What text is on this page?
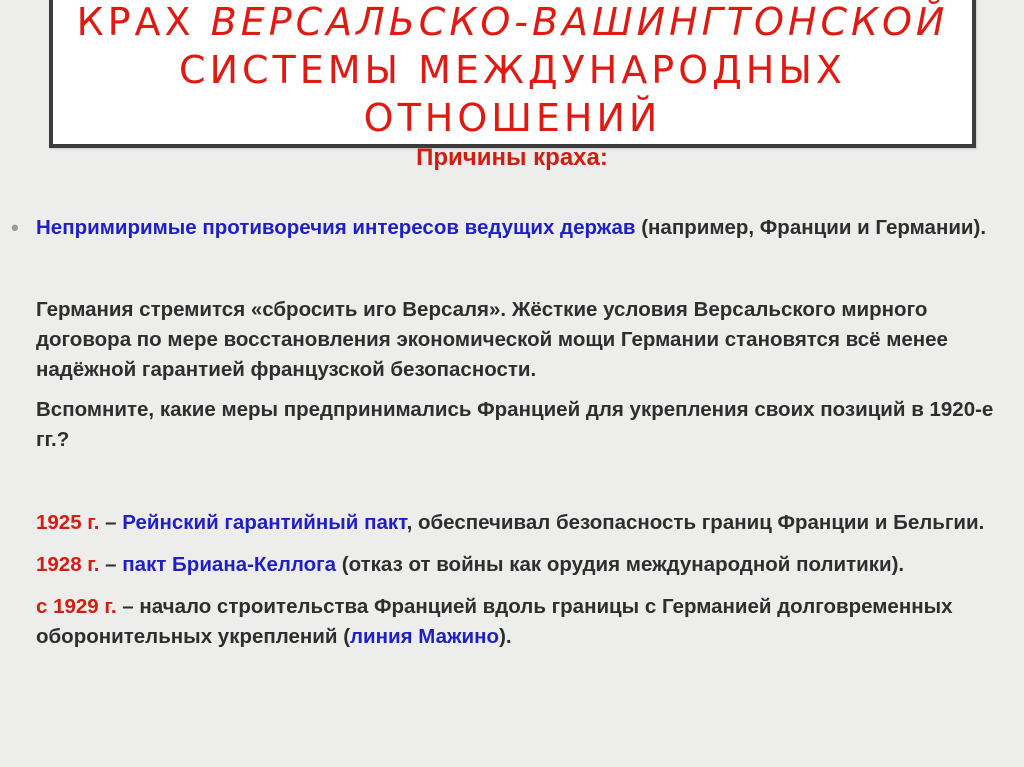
КРАХ ВЕРСАЛЬСКО-ВАШИНГТОНСКОЙ
СИСТЕМЫ МЕЖДУНАРОДНЫХ
ОТНОШЕНИЙ
Причины краха:

• Непримиримые противоречия интересов ведущих держав (например, Франции и Германии).

Германия стремится «сбросить иго Версаля». Жёсткие условия Версальского мирного договора по мере восстановления экономической мощи Германии становятся всё менее надёжной гарантией французской безопасности.

Вспомните, какие меры предпринимались Францией для укрепления своих позиций в 1920-е гг.?

1925 г. – Рейнский гарантийный пакт, обеспечивал безопасность границ Франции и Бельгии.

1928 г. – пакт Бриана-Келлога (отказ от войны как орудия международной политики).

с 1929 г. – начало строительства Францией вдоль границы с Германией долговременных оборонительных укреплений (линия Мажино).
